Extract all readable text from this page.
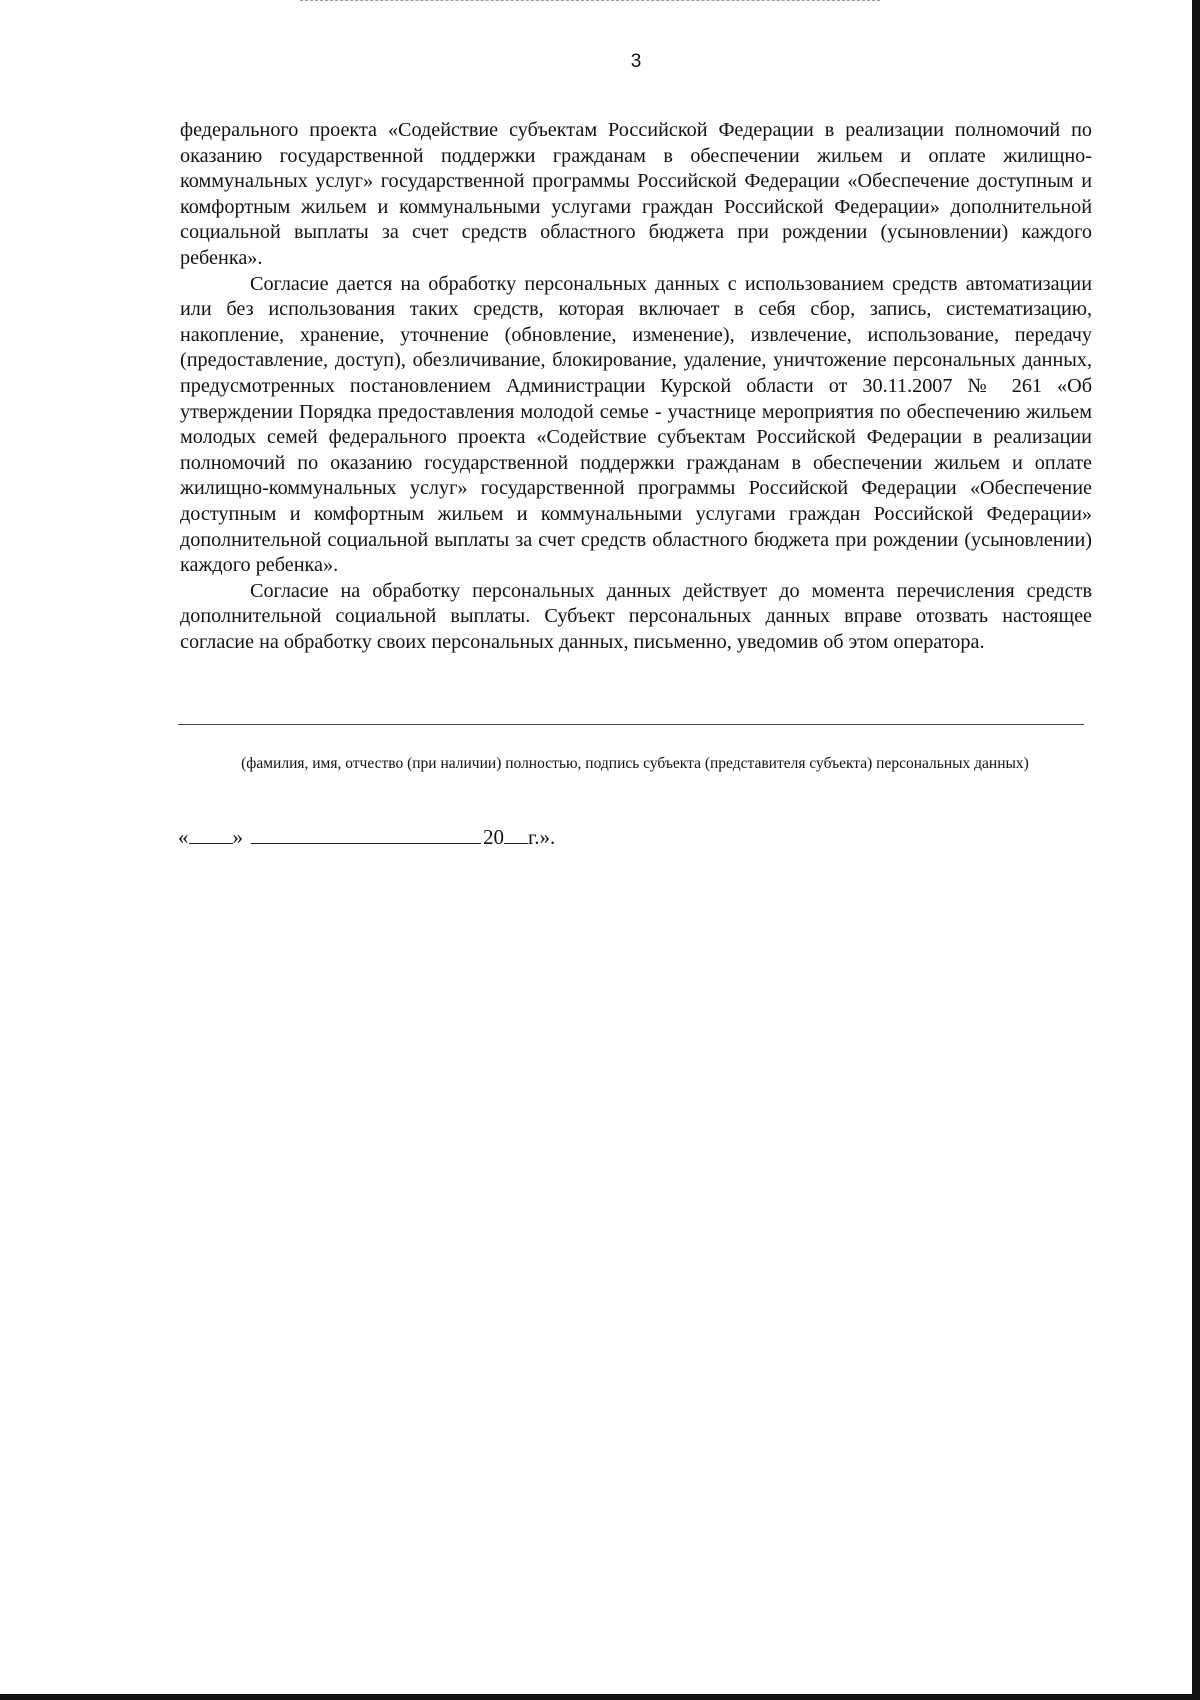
3

федерального проекта «Содействие субъектам Российской Федерации в реализации полномочий по оказанию государственной поддержки гражданам в обеспечении жильем и оплате жилищно-коммунальных услуг» государственной программы Российской Федерации «Обеспечение доступным и комфортным жильем и коммунальными услугами граждан Российской Федерации» дополнительной социальной выплаты за счет средств областного бюджета при рождении (усыновлении) каждого ребенка».

Согласие дается на обработку персональных данных с использованием средств автоматизации или без использования таких средств, которая включает в себя сбор, запись, систематизацию, накопление, хранение, уточнение (обновление, изменение), извлечение, использование, передачу (предоставление, доступ), обезличивание, блокирование, удаление, уничтожение персональных данных, предусмотренных постановлением Администрации Курской области от 30.11.2007 № 261 «Об утверждении Порядка предоставления молодой семье - участнице мероприятия по обеспечению жильем молодых семей федерального проекта «Содействие субъектам Российской Федерации в реализации полномочий по оказанию государственной поддержки гражданам в обеспечении жильем и оплате жилищно-коммунальных услуг» государственной программы Российской Федерации «Обеспечение доступным и комфортным жильем и коммунальными услугами граждан Российской Федерации» дополнительной социальной выплаты за счет средств областного бюджета при рождении (усыновлении) каждого ребенка».

Согласие на обработку персональных данных действует до момента перечисления средств дополнительной социальной выплаты. Субъект персональных данных вправе отозвать настоящее согласие на обработку своих персональных данных, письменно, уведомив об этом оператора.

(фамилия, имя, отчество (при наличии) полностью, подпись субъекта (представителя субъекта) персональных данных)
« »	20 г.».
